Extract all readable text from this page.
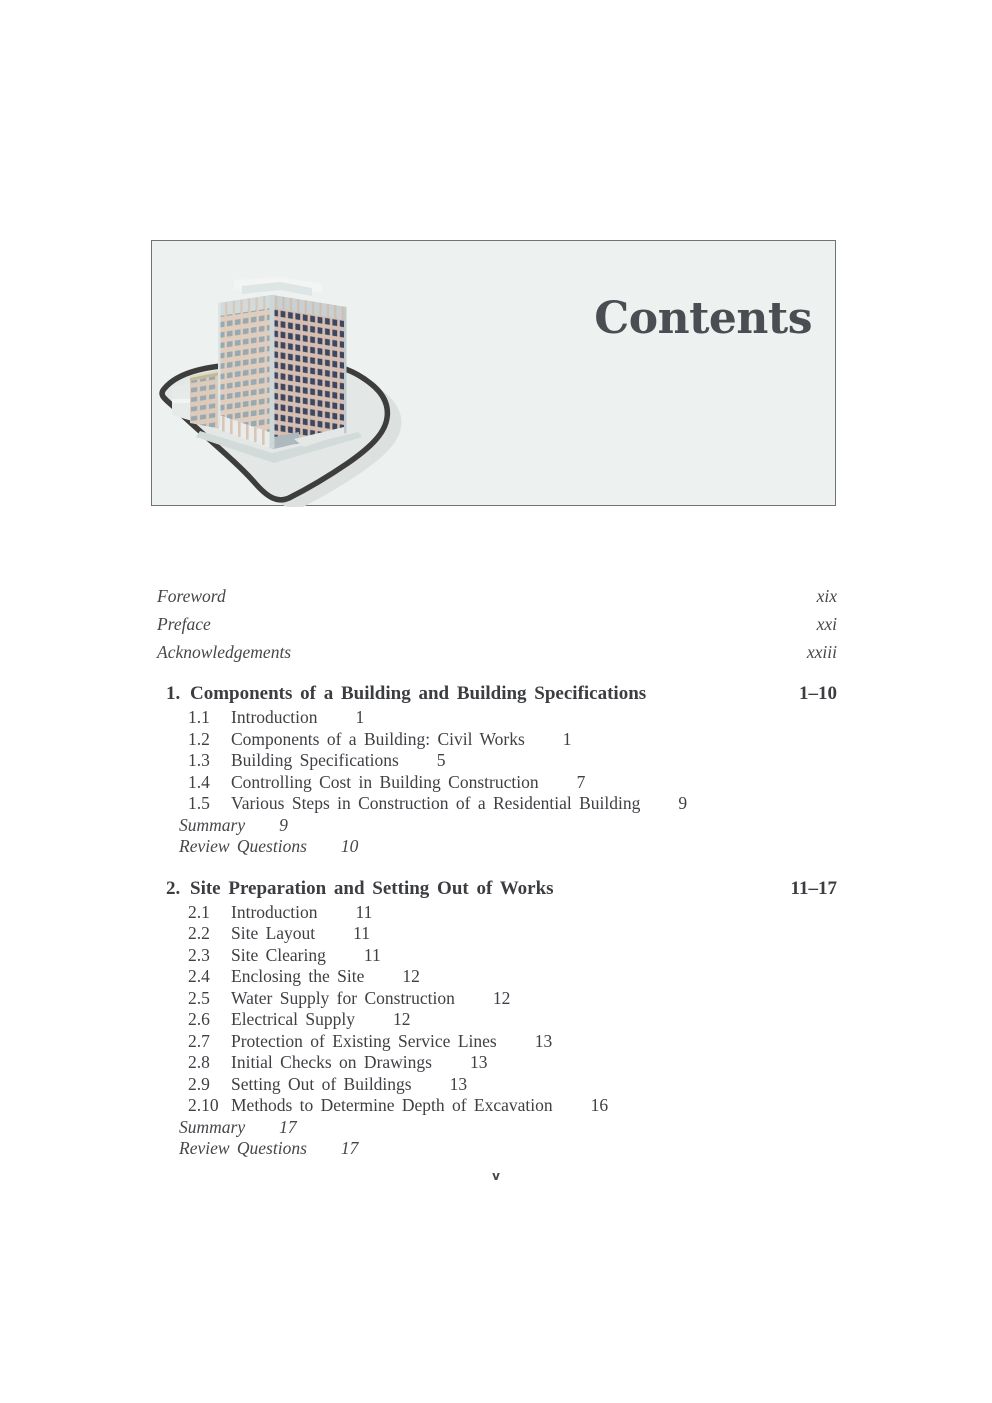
Contents
Foreword	xix
Preface	xxi
Acknowledgements	xxiii
1. Components of a Building and Building Specifications	1–10
1.1 Introduction 1
1.2 Components of a Building: Civil Works 1
1.3 Building Specifications 5
1.4 Controlling Cost in Building Construction 7
1.5 Various Steps in Construction of a Residential Building 9
Summary 9
Review Questions 10
2. Site Preparation and Setting Out of Works	11–17
2.1 Introduction 11
2.2 Site Layout 11
2.3 Site Clearing 11
2.4 Enclosing the Site 12
2.5 Water Supply for Construction 12
2.6 Electrical Supply 12
2.7 Protection of Existing Service Lines 13
2.8 Initial Checks on Drawings 13
2.9 Setting Out of Buildings 13
2.10 Methods to Determine Depth of Excavation 16
Summary 17
Review Questions 17
v
